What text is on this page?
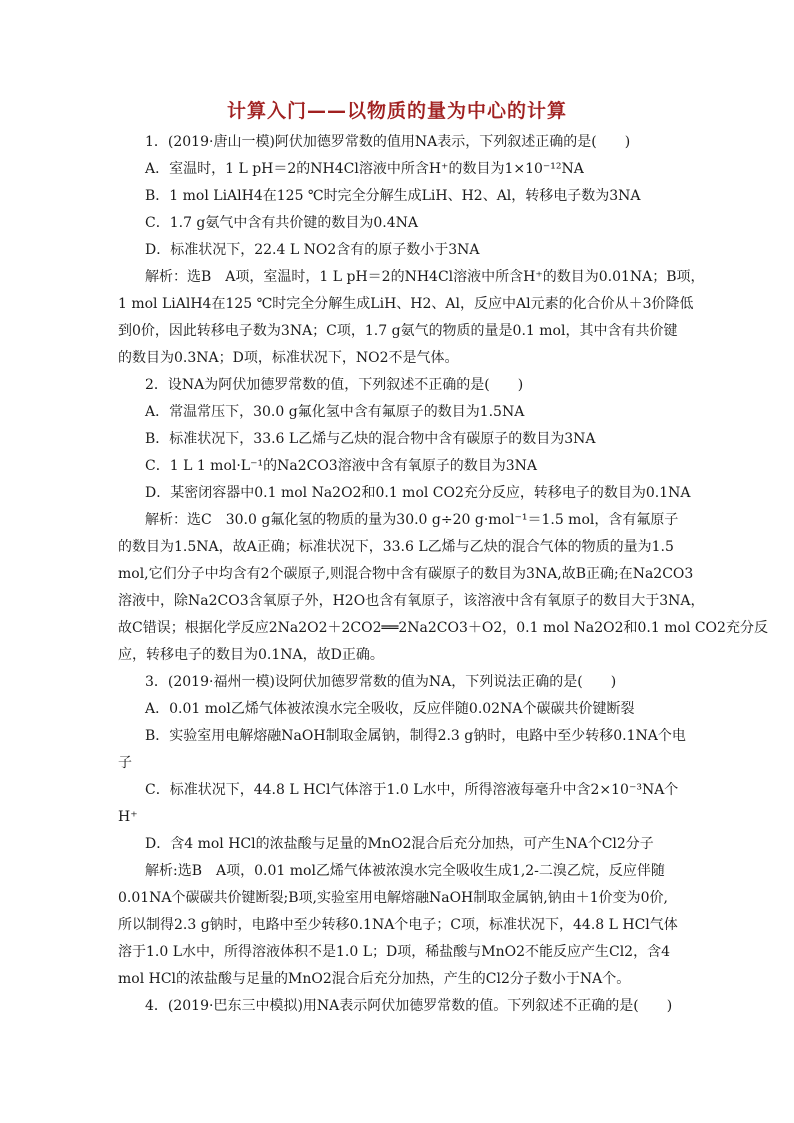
计算入门——以物质的量为中心的计算
1．(2019·唐山一模)阿伏加德罗常数的值用NA表示，下列叙述正确的是(　　)
A．室温时，1 L pH＝2的NH4Cl溶液中所含H⁺的数目为1×10⁻¹²NA
B．1 mol LiAlH4在125 ℃时完全分解生成LiH、H2、Al，转移电子数为3NA
C．1.7 g氨气中含有共价键的数目为0.4NA
D．标准状况下，22.4 L NO2含有的原子数小于3NA
解析：选B　A项，室温时，1 L pH＝2的NH4Cl溶液中所含H⁺的数目为0.01NA；B项，
1 mol LiAlH4在125 ℃时完全分解生成LiH、H2、Al，反应中Al元素的化合价从＋3价降低
到0价，因此转移电子数为3NA；C项，1.7 g氨气的物质的量是0.1 mol，其中含有共价键
的数目为0.3NA；D项，标准状况下，NO2不是气体。
2．设NA为阿伏加德罗常数的值，下列叙述不正确的是(　　)
A．常温常压下，30.0 g氟化氢中含有氟原子的数目为1.5NA
B．标准状况下，33.6 L乙烯与乙炔的混合物中含有碳原子的数目为3NA
C．1 L 1 mol·L⁻¹的Na2CO3溶液中含有氧原子的数目为3NA
D．某密闭容器中0.1 mol Na2O2和0.1 mol CO2充分反应，转移电子的数目为0.1NA
解析：选C　30.0 g氟化氢的物质的量为30.0 g÷20 g·mol⁻¹＝1.5 mol，含有氟原子
的数目为1.5NA，故A正确；标准状况下，33.6 L乙烯与乙炔的混合气体的物质的量为1.5
mol,它们分子中均含有2个碳原子,则混合物中含有碳原子的数目为3NA,故B正确;在Na2CO3
溶液中，除Na2CO3含氧原子外，H2O也含有氧原子，该溶液中含有氧原子的数目大于3NA，
故C错误；根据化学反应2Na2O2＋2CO2══2Na2CO3＋O2，0.1 mol Na2O2和0.1 mol CO2充分反
应，转移电子的数目为0.1NA，故D正确。
3．(2019·福州一模)设阿伏加德罗常数的值为NA，下列说法正确的是(　　)
A．0.01 mol乙烯气体被浓溴水完全吸收，反应伴随0.02NA个碳碳共价键断裂
B．实验室用电解熔融NaOH制取金属钠，制得2.3 g钠时，电路中至少转移0.1NA个电
子
C．标准状况下，44.8 L HCl气体溶于1.0 L水中，所得溶液每毫升中含2×10⁻³NA个
H⁺
D．含4 mol HCl的浓盐酸与足量的MnO2混合后充分加热，可产生NA个Cl2分子
解析:选B　A项，0.01 mol乙烯气体被浓溴水完全吸收生成1,2-二溴乙烷，反应伴随
0.01NA个碳碳共价键断裂;B项,实验室用电解熔融NaOH制取金属钠,钠由＋1价变为0价,
所以制得2.3 g钠时，电路中至少转移0.1NA个电子；C项，标准状况下，44.8 L HCl气体
溶于1.0 L水中，所得溶液体积不是1.0 L；D项，稀盐酸与MnO2不能反应产生Cl2，含4
mol HCl的浓盐酸与足量的MnO2混合后充分加热，产生的Cl2分子数小于NA个。
4．(2019·巴东三中模拟)用NA表示阿伏加德罗常数的值。下列叙述不正确的是(　　)
